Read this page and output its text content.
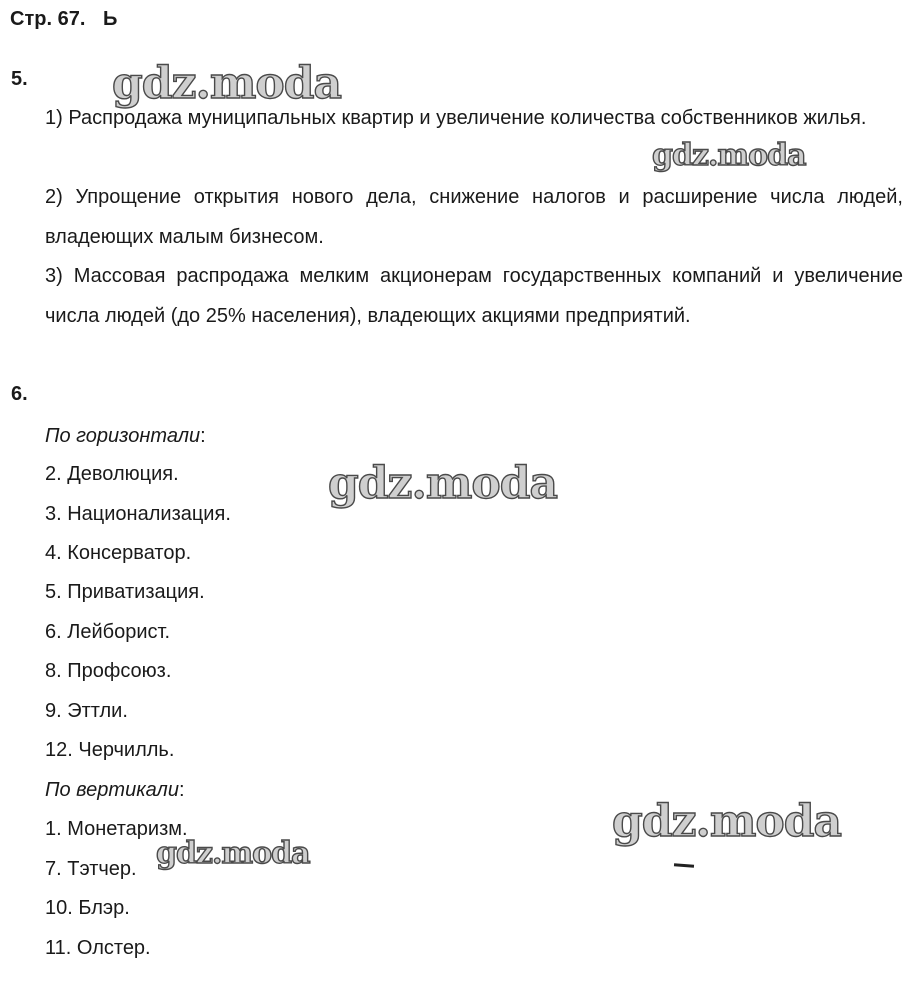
Стр. 67. Ь
5.
1) Распродажа муниципальных квартир и увеличение количества собственников жилья.
2) Упрощение открытия нового дела, снижение налогов и расширение числа людей, владеющих малым бизнесом.
3) Массовая распродажа мелким акционерам государственных компаний и увеличение числа людей (до 25% населения), владеющих акциями предприятий.
6.
По горизонтали:
2. Деволюция.
3. Национализация.
4. Консерватор.
5. Приватизация.
6. Лейборист.
8. Профсоюз.
9. Эттли.
12. Черчилль.
По вертикали:
1. Монетаризм.
7. Тэтчер.
10. Блэр.
11. Олстер.
gdz.moda
gdz.moda
gdz.moda
gdz.moda
gdz.moda
